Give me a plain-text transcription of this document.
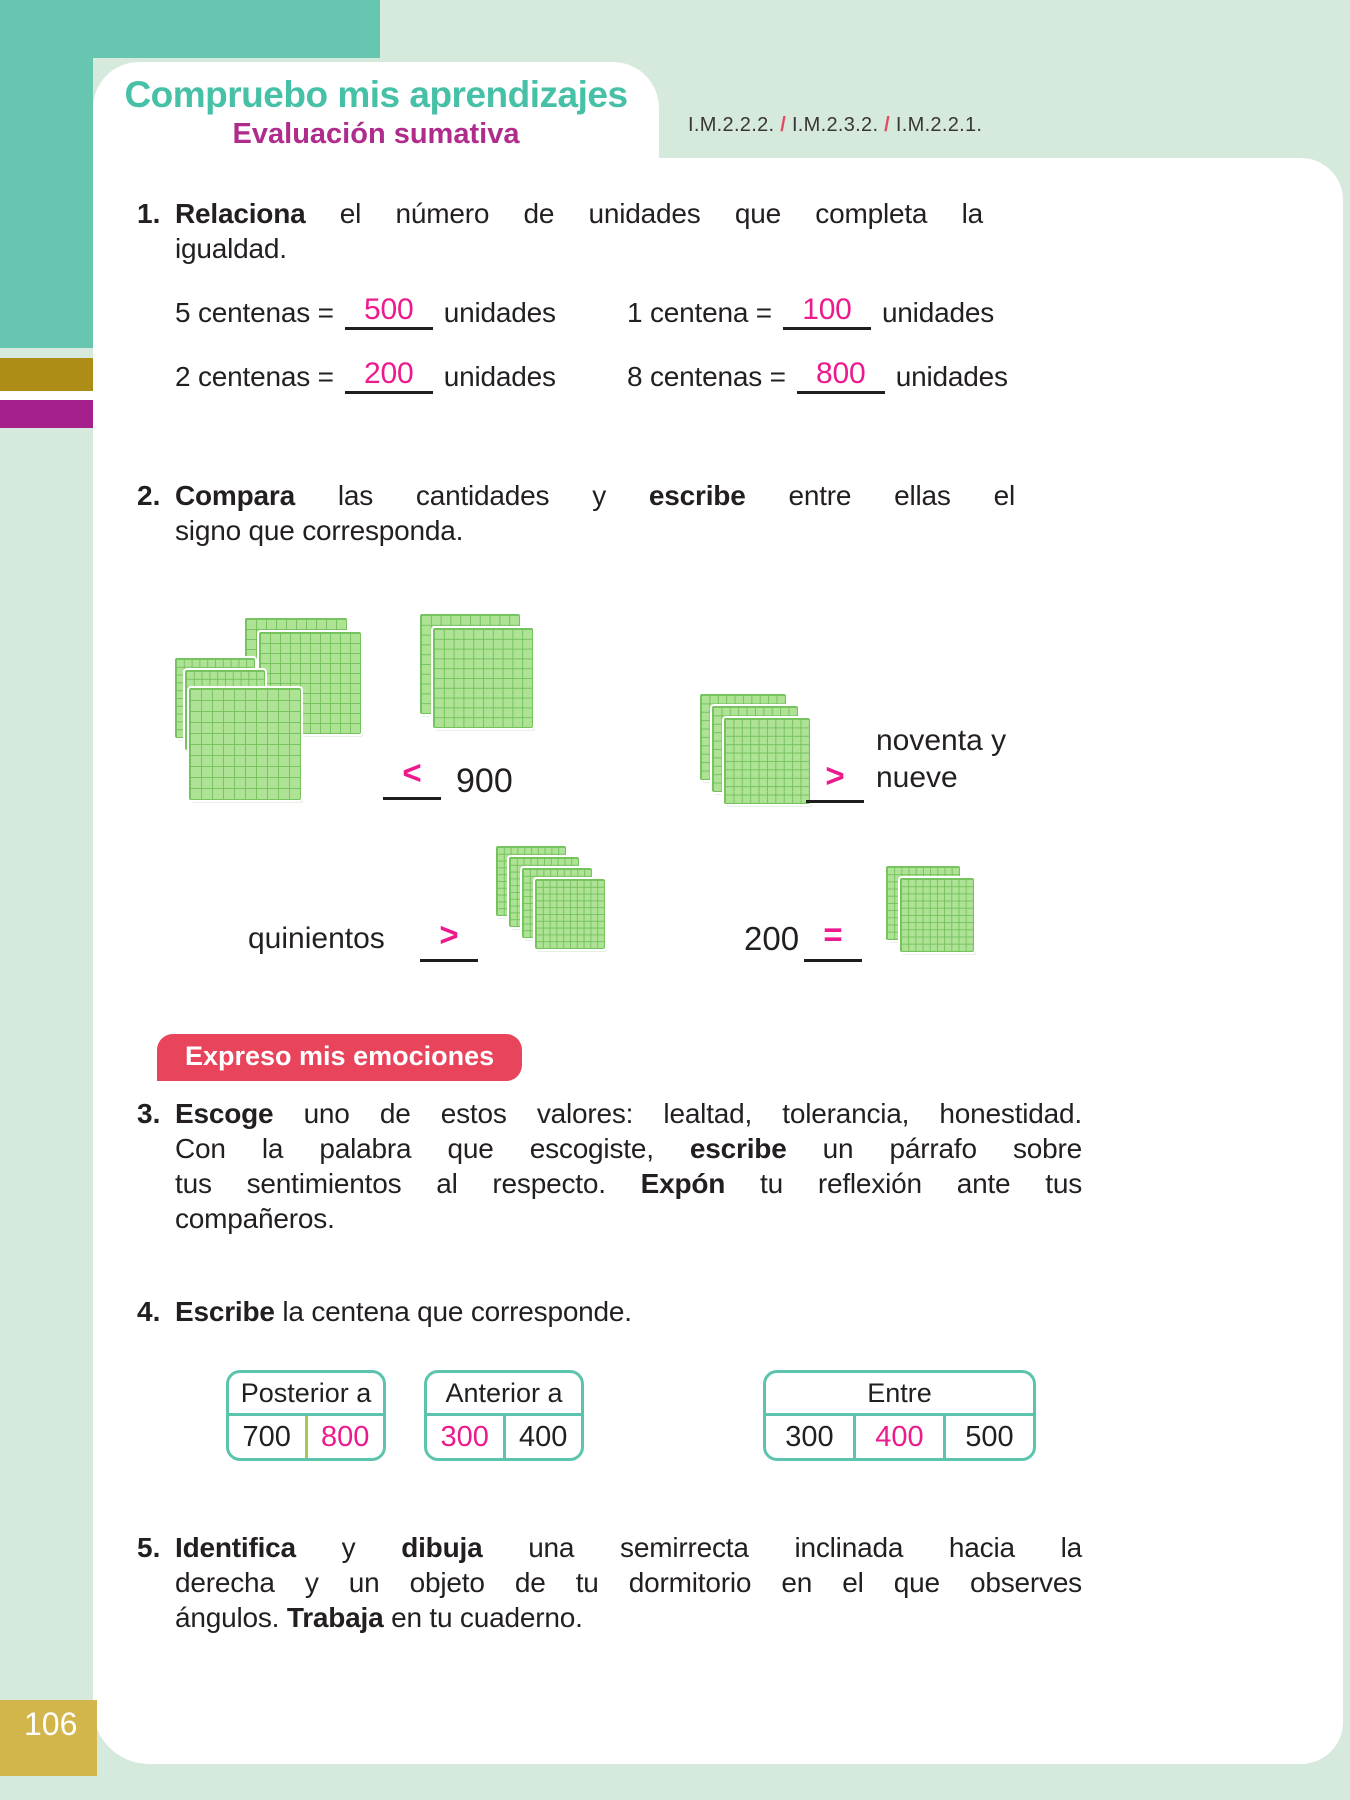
106
Compruebo mis aprendizajes
Evaluación sumativa	I.M.2.2.2. / I.M.2.3.2. / I.M.2.2.1.
1. Relaciona el número de unidades que completa la
igualdad.
5 centenas =	500	unidades	1 centena =	100	unidades
2 centenas =	200	unidades	8 centenas =	800	unidades
2. Compara las cantidades y escribe entre ellas el
signo que corresponda.
<	900	>
noventa y
nueve
quinientos	>	200 =
Expreso mis emociones
3. Escoge uno de estos valores: lealtad, tolerancia, honestidad.
Con la palabra que escogiste, escribe un párrafo sobre
tus sentimientos al respecto. Expón tu reflexión ante tus
compañeros.
4. Escribe la centena que corresponde.
Posterior a
700	800
Anterior a
300	400
Entre
300	400	500
5. Identifica y dibuja una semirrecta inclinada hacia la
derecha y un objeto de tu dormitorio en el que observes
ángulos. Trabaja en tu cuaderno.
